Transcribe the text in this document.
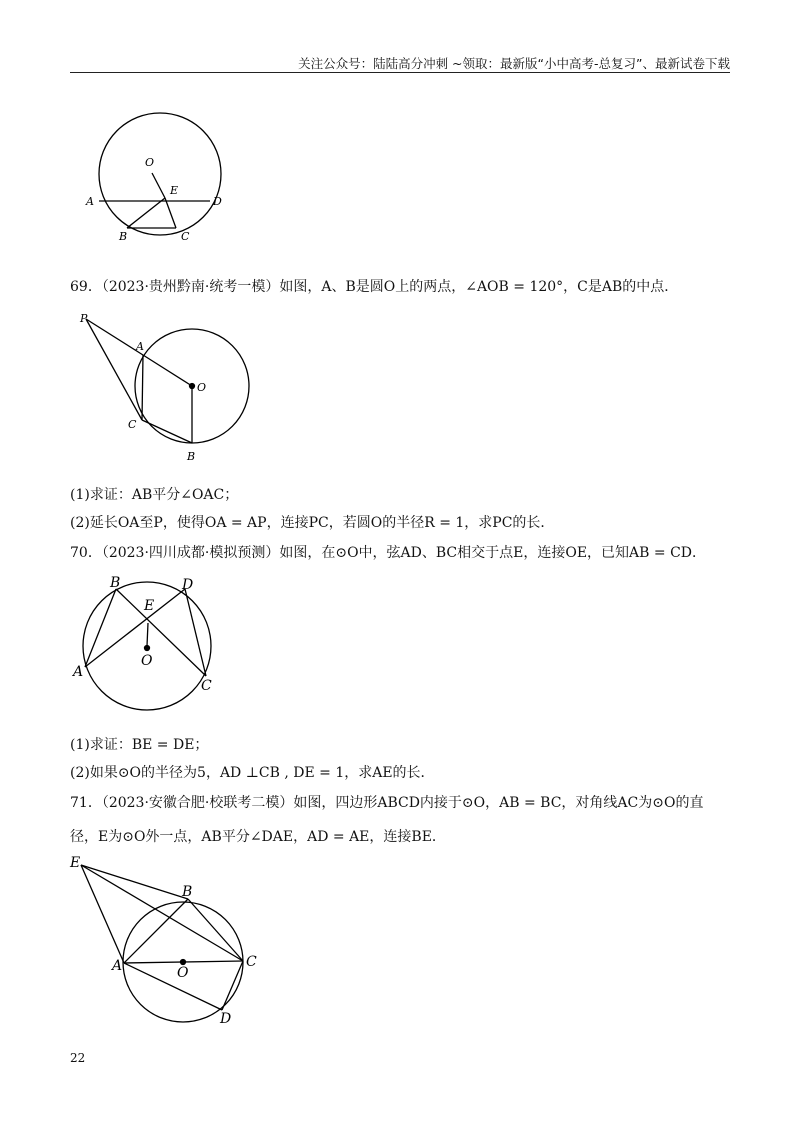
关注公众号：陆陆高分冲刺 ~领取：最新版“小中高考-总复习”、最新试卷下载
O
E
A	D
B	C
69．（2023·贵州黔南·统考一模）如图，A、B是圆O上的两点，∠AOB = 120°，C是AB的中点．
P
A
O
C
B
(1)求证：AB平分∠OAC；
(2)延长OA至P，使得OA = AP，连接PC，若圆O的半径R = 1，求PC的长．
70．（2023·四川成都·模拟预测）如图，在⊙O中，弦AD、BC相交于点E，连接OE，已知AB = CD．
B	D
E
O
A
C
(1)求证：BE = DE；
(2)如果⊙O的半径为5，AD ⊥CB , DE = 1，求AE的长．
71．（2023·安徽合肥·校联考二模）如图，四边形ABCD内接于⊙O，AB = BC，对角线AC为⊙O的直
径，E为⊙O外一点，AB平分∠DAE，AD = AE，连接BE．
E
B
A	O
C
D
22
